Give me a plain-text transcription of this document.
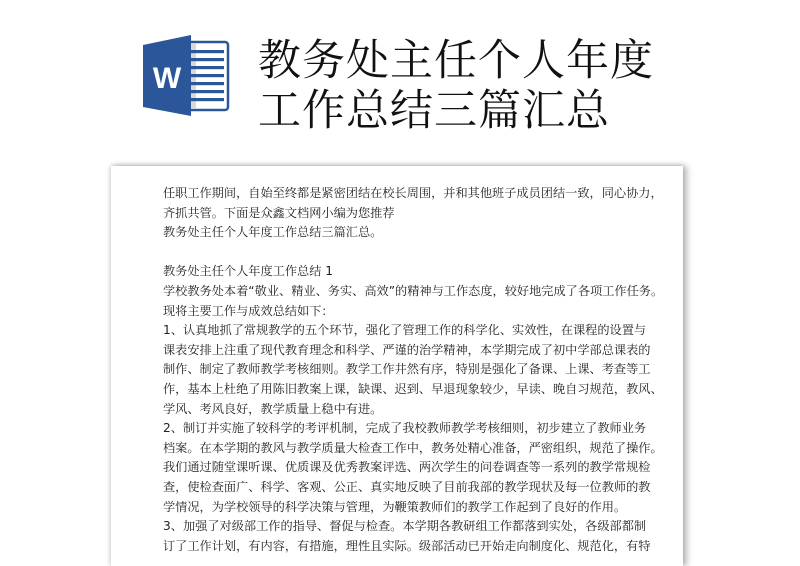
W 教务处主任个人年度
工作总结三篇汇总

任职工作期间，自始至终都是紧密团结在校长周围，并和其他班子成员团结一致，同心协力，

齐抓共管。下面是众鑫文档网小编为您推荐

教务处主任个人年度工作总结三篇汇总。

教务处主任个人年度工作总结 1

学校教务处本着“敬业、精业、务实、高效”的精神与工作态度，较好地完成了各项工作任务。

现将主要工作与成效总结如下：

1、认真地抓了常规教学的五个环节，强化了管理工作的科学化、实效性，在课程的设置与

课表安排上注重了现代教育理念和科学、严谨的治学精神，本学期完成了初中学部总课表的

制作、制定了教师教学考核细则。教学工作井然有序，特别是强化了备课、上课、考查等工

作，基本上杜绝了用陈旧教案上课，缺课、迟到、早退现象较少，早读、晚自习规范，教风、

学风、考风良好，教学质量上稳中有进。

2、制订并实施了较科学的考评机制，完成了我校教师教学考核细则，初步建立了教师业务

档案。在本学期的教风与教学质量大检查工作中，教务处精心准备，严密组织，规范了操作。

我们通过随堂课听课、优质课及优秀教案评选、两次学生的问卷调查等一系列的教学常规检

查，使检查面广、科学、客观、公正、真实地反映了目前我部的教学现状及每一位教师的教

学情况，为学校领导的科学决策与管理，为鞭策教师们的教学工作起到了良好的作用。

3、加强了对级部工作的指导、督促与检查。本学期各教研组工作都落到实处，各级部都制

订了工作计划，有内容，有措施，理性且实际。级部活动已开始走向制度化、规范化，有特
